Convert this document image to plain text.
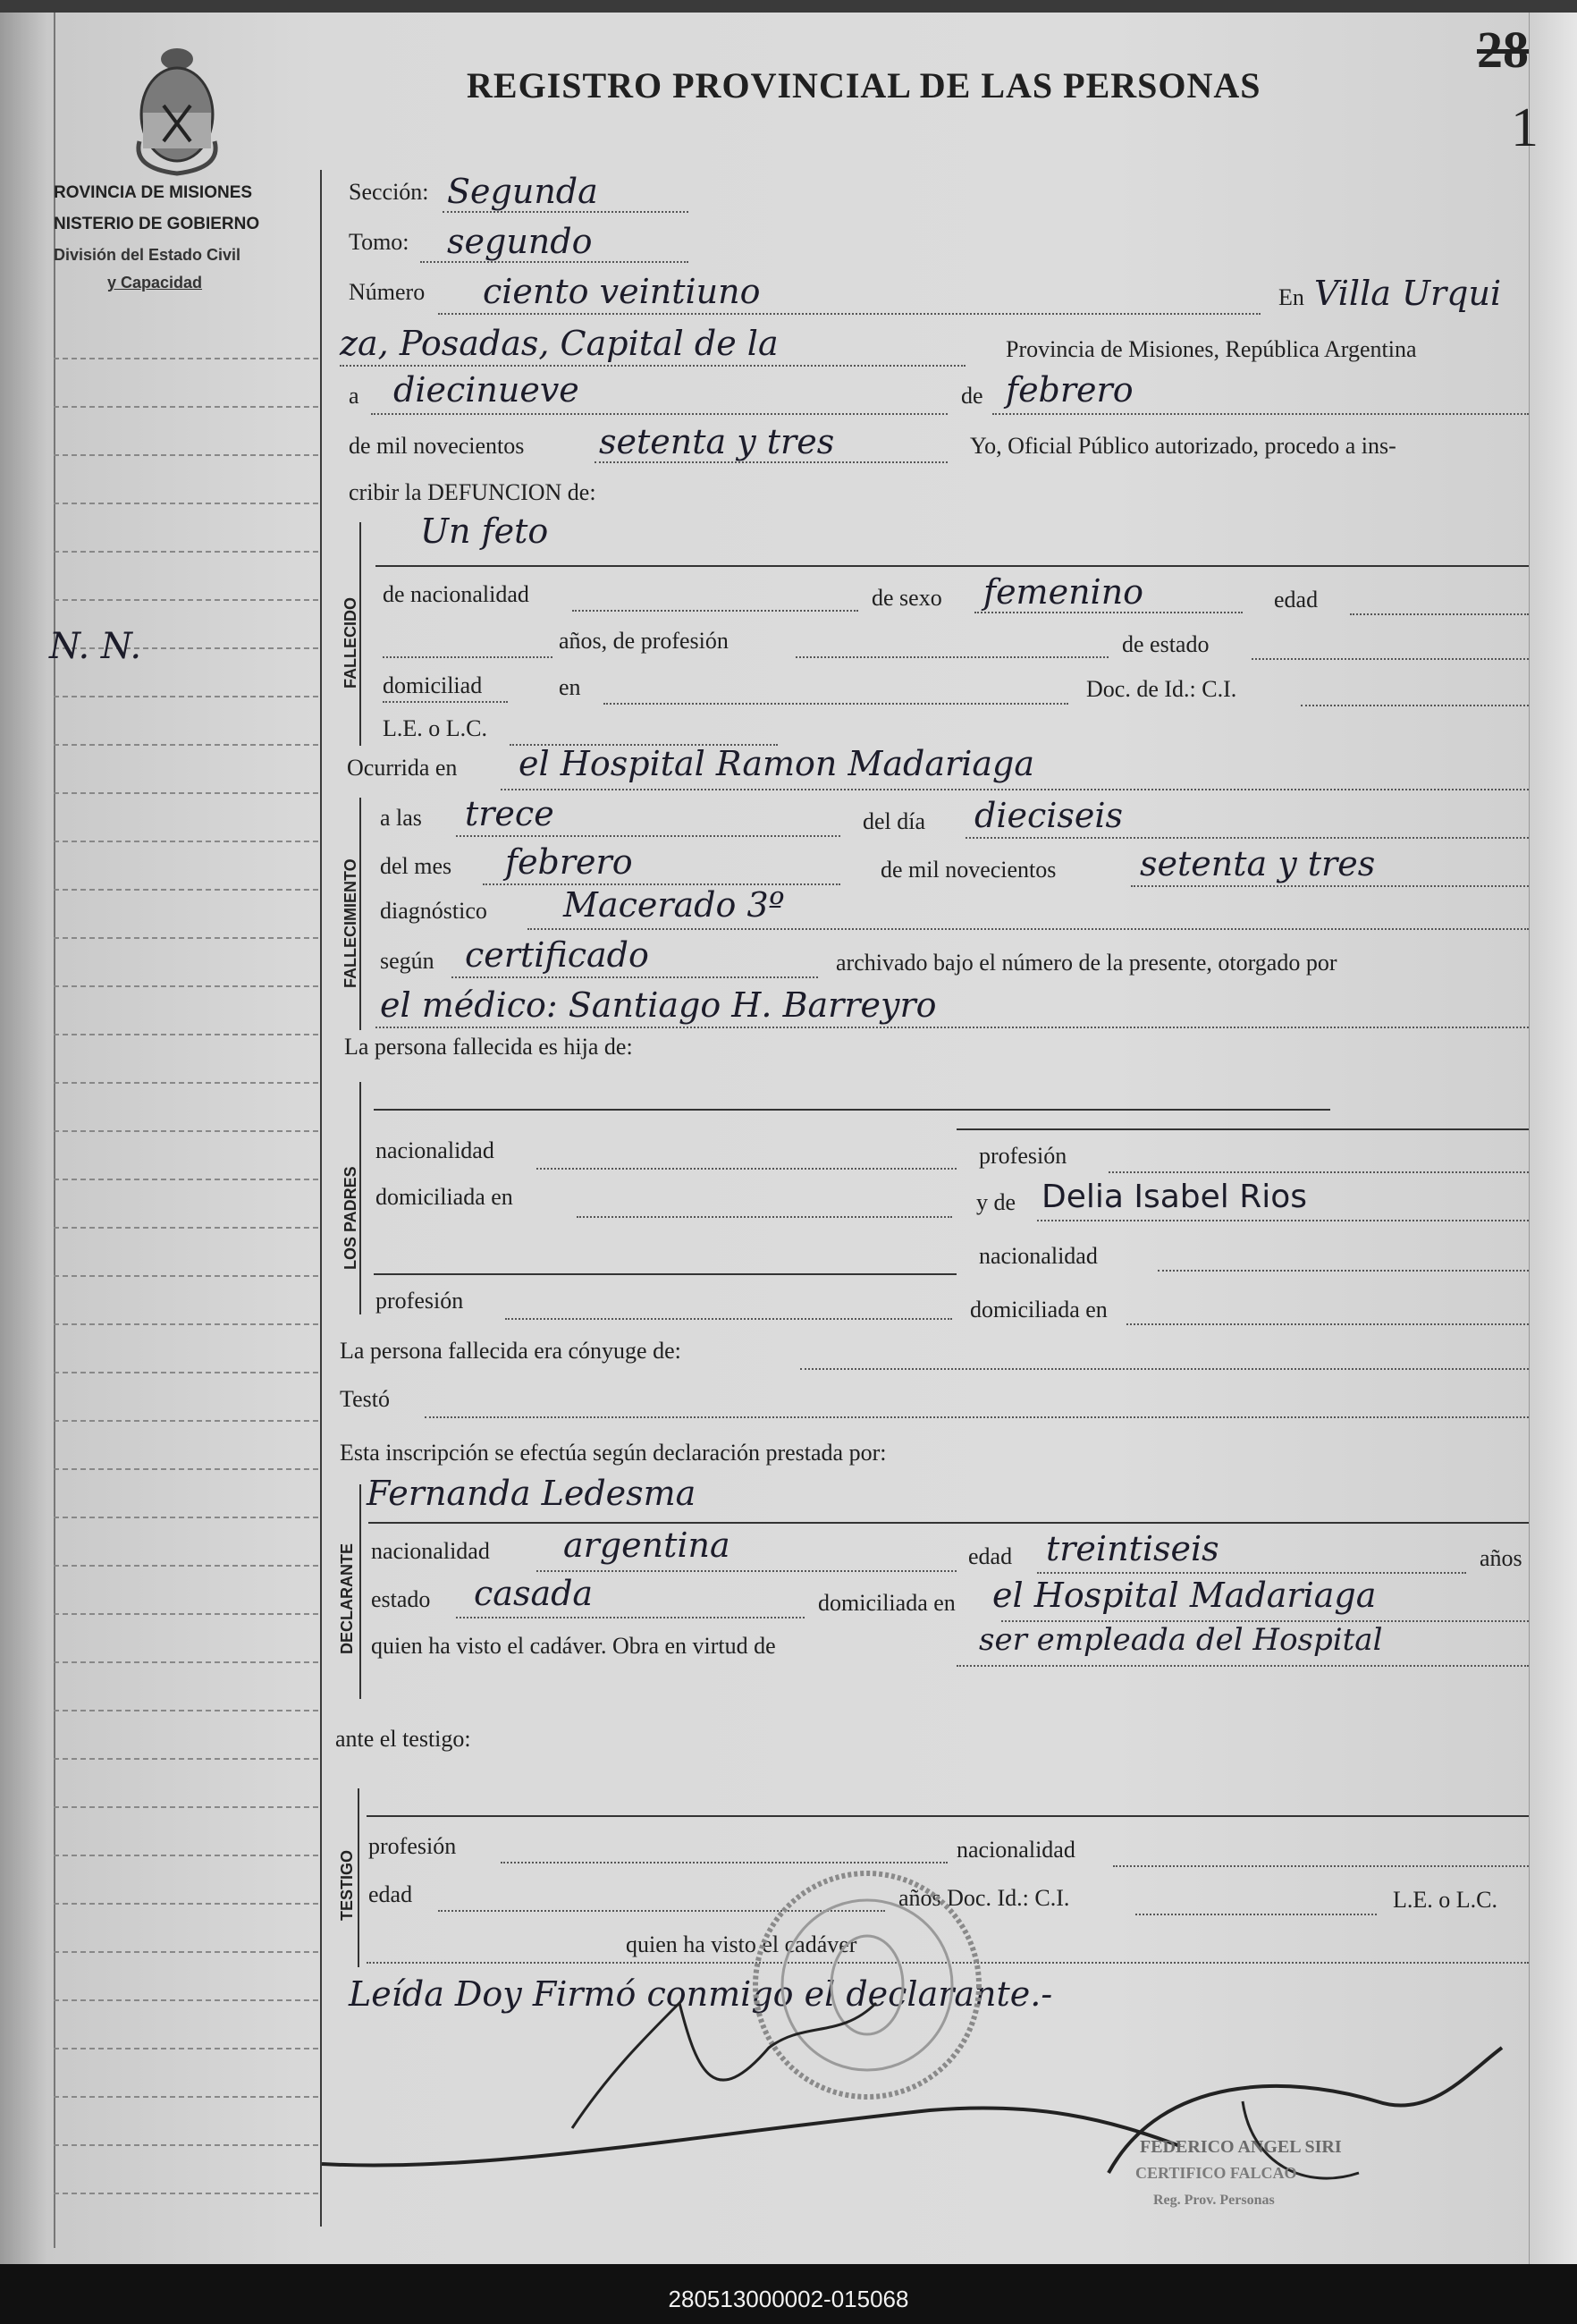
28
1
REGISTRO PROVINCIAL DE LAS PERSONAS
ROVINCIA DE MISIONES
NISTERIO DE GOBIERNO
División del Estado Civil
y Capacidad
N. N.
Sección: Segunda
Tomo: segundo
Número ciento veintiuno	En Villa Urqui
za, Posadas, Capital de la	Provincia de Misiones, República Argentina
a diecinueve	de febrero
de mil novecientos setenta y tres	Yo, Oficial Público autorizado, procedo a ins-
cribir la DEFUNCION de:
FALLECIDO
Un feto
de nacionalidad	de sexo femenino	edad
años, de profesión	de estado
domiciliad	en	Doc. de Id.: C.I.
L.E. o L.C.
Ocurrida en el Hospital Ramon Madariaga
FALLECIMIENTO
a las trece	del día dieciseis
del mes febrero	de mil novecientos setenta y tres
diagnóstico Macerado 3º
según certificado	archivado bajo el número de la presente, otorgado por
el médico: Santiago H. Barreyro
La persona fallecida es hija de:
LOS PADRES
nacionalidad	profesión
domiciliada en	y de Delia Isabel Rios
nacionalidad
profesión	domiciliada en
La persona fallecida era cónyuge de:
Testó
Esta inscripción se efectúa según declaración prestada por:
DECLARANTE
Fernanda Ledesma
nacionalidad argentina	edad treintiseis	años
estado casada	domiciliada en el Hospital Madariaga
quien ha visto el cadáver. Obra en virtud de	ser empleada del Hospital
ante el testigo:
TESTIGO
profesión	nacionalidad
edad	años Doc. Id.: C.I.	L.E. o L.C.
quien ha visto el cadáver
Leída Doy Firmó conmigo el declarante.-
FEDERICO ANGEL SIRI
CERTIFICO FALCAO
Reg. Prov. Personas
280513000002-015068
